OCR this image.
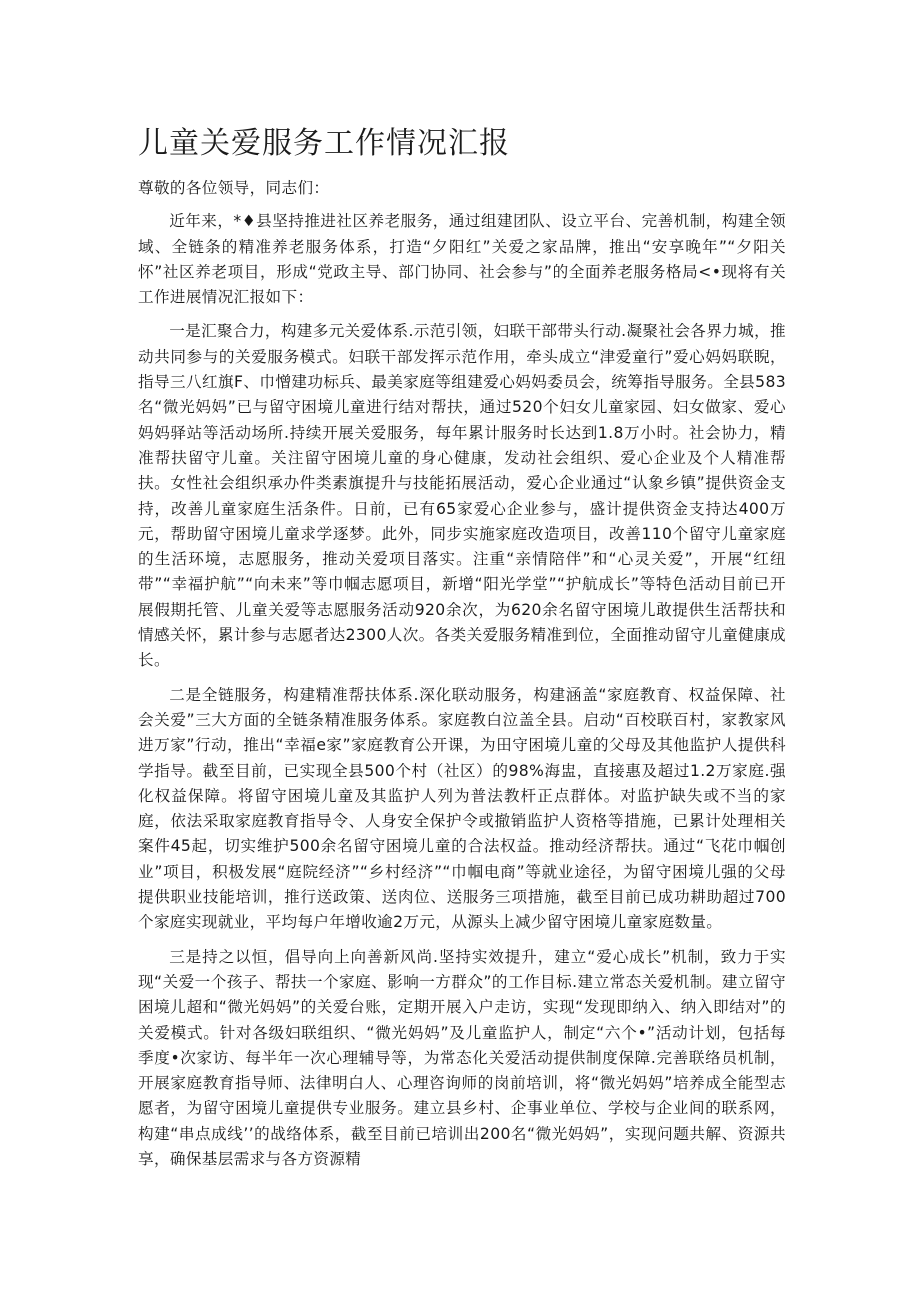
儿童关爱服务工作情况汇报

尊敬的各位领导，同志们：

近年来，*♦县坚持推进社区养老服务，通过组建团队、设立平台、完善机制，构建全领域、全链条的精准养老服务体系，打造“夕阳红”关爱之家品牌，推出“安享晚年”“夕阳关怀”社区养老项目，形成“党政主导、部门协同、社会参与”的全面养老服务格局<•现将有关工作进展情况汇报如下：

一是汇聚合力，构建多元关爱体系.示范引领，妇联干部带头行动.凝聚社会各界力城，推动共同参与的关爱服务模式。妇联干部发挥示范作用，牵头成立“津爱童行”爱心妈妈联睨，指导三八红旗F、巾憎建功标兵、最美家庭等组建爱心妈妈委员会，统筹指导服务。全县583名“微光妈妈”已与留守困境儿童进行结对帮扶，通过520个妇女儿童家园、妇女做家、爱心妈妈驿站等活动场所.持续开展关爱服务，每年累计服务时长达到1.8万小时。社会协力，精准帮扶留守儿童。关注留守困境儿童的身心健康，发动社会组织、爱心企业及个人精准帮扶。女性社会组织承办件类素旗提升与技能拓展活动，爱心企业通过“认象乡镇”提供资金支持，改善儿童家庭生活条件。日前，已有65家爱心企业参与，盛计提供资金支持达400万元，帮助留守困境儿童求学逐梦。此外，同步实施家庭改造项目，改善110个留守儿童家庭的生活环境，志愿服务，推动关爱项目落实。注重“亲情陪伴”和“心灵关爱”，开展“红纽带”“幸福护航”“向未来”等巾帼志愿项目，新增“阳光学堂”“护航成长”等特色活动目前已开展假期托管、儿童关爱等志愿服务活动920余次，为620余名留守困境儿敢提供生活帮扶和情感关怀，累计参与志愿者达2300人次。各类关爱服务精准到位，全面推动留守儿童健康成长。

二是全链服务，构建精准帮扶体系.深化联动服务，构建涵盖“家庭教育、权益保障、社会关爱”三大方面的全链条精准服务体系。家庭教白泣盖全县。启动“百校联百村，家教家风进万家”行动，推出“幸福e家”家庭教育公开课，为田守困境儿童的父母及其他监护人提供科学指导。截至目前，已实现全县500个村（社区）的98%海盅，直接惠及超过1.2万家庭.强化权益保障。将留守困境儿童及其监护人列为普法教杆正点群体。对监护缺失或不当的家庭，依法采取家庭教育指导令、人身安全保护令或撤销监护人资格等措施，已累计处理相关案件45起，切实维护500余名留守困境儿童的合法权益。推动经济帮扶。通过“飞花巾帼创业”项目，积极发展“庭院经济”“乡村经济”“巾帼电商”等就业途径，为留守困境儿强的父母提供职业技能培训，推行送政策、送肉位、送服务三项措施，截至目前已成功耕助超过700个家庭实现就业，平均每户年增收逾2万元，从源头上减少留守困境儿童家庭数量。

三是持之以恒，倡导向上向善新风尚.坚持实效提升，建立“爱心成长”机制，致力于实现“关爱一个孩子、帮扶一个家庭、影响一方群众”的工作目标.建立常态关爱机制。建立留守困境儿超和“微光妈妈”的关爱台账，定期开展入户走访，实现“发现即纳入、纳入即结对”的关爱模式。针对各级妇联组织、“微光妈妈”及儿童监护人，制定“六个•”活动计划，包括每季度•次家访、每半年一次心理辅导等，为常态化关爱活动提供制度保障.完善联络员机制，开展家庭教育指导师、法律明白人、心理咨询师的岗前培训，将“微光妈妈”培养成全能型志愿者，为留守困境儿童提供专业服务。建立县乡村、企事业单位、学校与企业间的联系网，构建“串点成线’’的战络体系，截至目前已培训出200名“微光妈妈”，实现问题共解、资源共享，确保基层需求与各方资源精
